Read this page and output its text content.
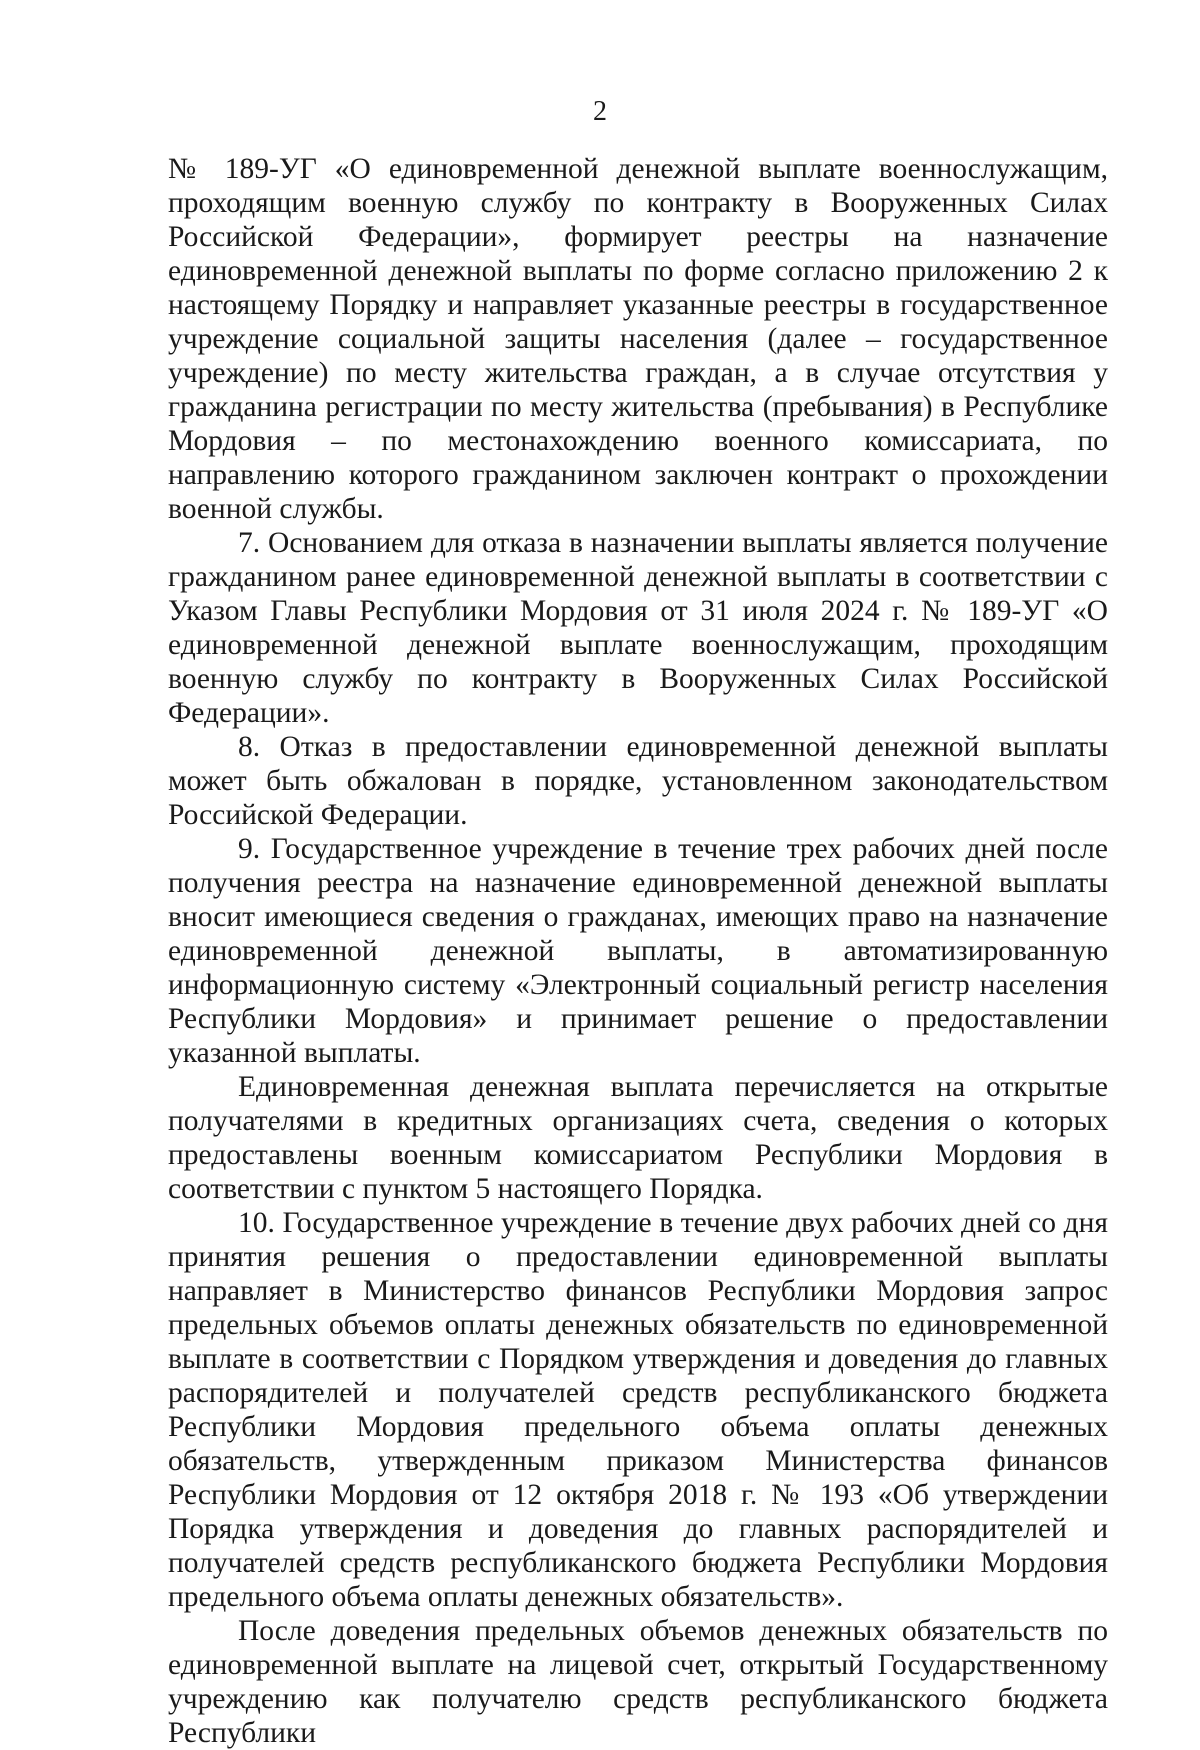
2

№ 189-УГ «О единовременной денежной выплате военнослужащим, проходящим военную службу по контракту в Вооруженных Силах Российской Федерации», формирует реестры на назначение единовременной денежной выплаты по форме согласно приложению 2 к настоящему Порядку и направляет указанные реестры в государственное учреждение социальной защиты населения (далее – государственное учреждение) по месту жительства граждан, а в случае отсутствия у гражданина регистрации по месту жительства (пребывания) в Республике Мордовия – по местонахождению военного комиссариата, по направлению которого гражданином заключен контракт о прохождении военной службы.

7. Основанием для отказа в назначении выплаты является получение гражданином ранее единовременной денежной выплаты в соответствии с Указом Главы Республики Мордовия от 31 июля 2024 г. № 189-УГ «О единовременной денежной выплате военнослужащим, проходящим военную службу по контракту в Вооруженных Силах Российской Федерации».

8. Отказ в предоставлении единовременной денежной выплаты может быть обжалован в порядке, установленном законодательством Российской Федерации.

9. Государственное учреждение в течение трех рабочих дней после получения реестра на назначение единовременной денежной выплаты вносит имеющиеся сведения о гражданах, имеющих право на назначение единовременной денежной выплаты, в автоматизированную информационную систему «Электронный социальный регистр населения Республики Мордовия» и принимает решение о предоставлении указанной выплаты.

Единовременная денежная выплата перечисляется на открытые получателями в кредитных организациях счета, сведения о которых предоставлены военным комиссариатом Республики Мордовия в соответствии с пунктом 5 настоящего Порядка.

10. Государственное учреждение в течение двух рабочих дней со дня принятия решения о предоставлении единовременной выплаты направляет в Министерство финансов Республики Мордовия запрос предельных объемов оплаты денежных обязательств по единовременной выплате в соответствии с Порядком утверждения и доведения до главных распорядителей и получателей средств республиканского бюджета Республики Мордовия предельного объема оплаты денежных обязательств, утвержденным приказом Министерства финансов Республики Мордовия от 12 октября 2018 г. № 193 «Об утверждении Порядка утверждения и доведения до главных распорядителей и получателей средств республиканского бюджета Республики Мордовия предельного объема оплаты денежных обязательств».

После доведения предельных объемов денежных обязательств по единовременной выплате на лицевой счет, открытый Государственному учреждению как получателю средств республиканского бюджета Республики
